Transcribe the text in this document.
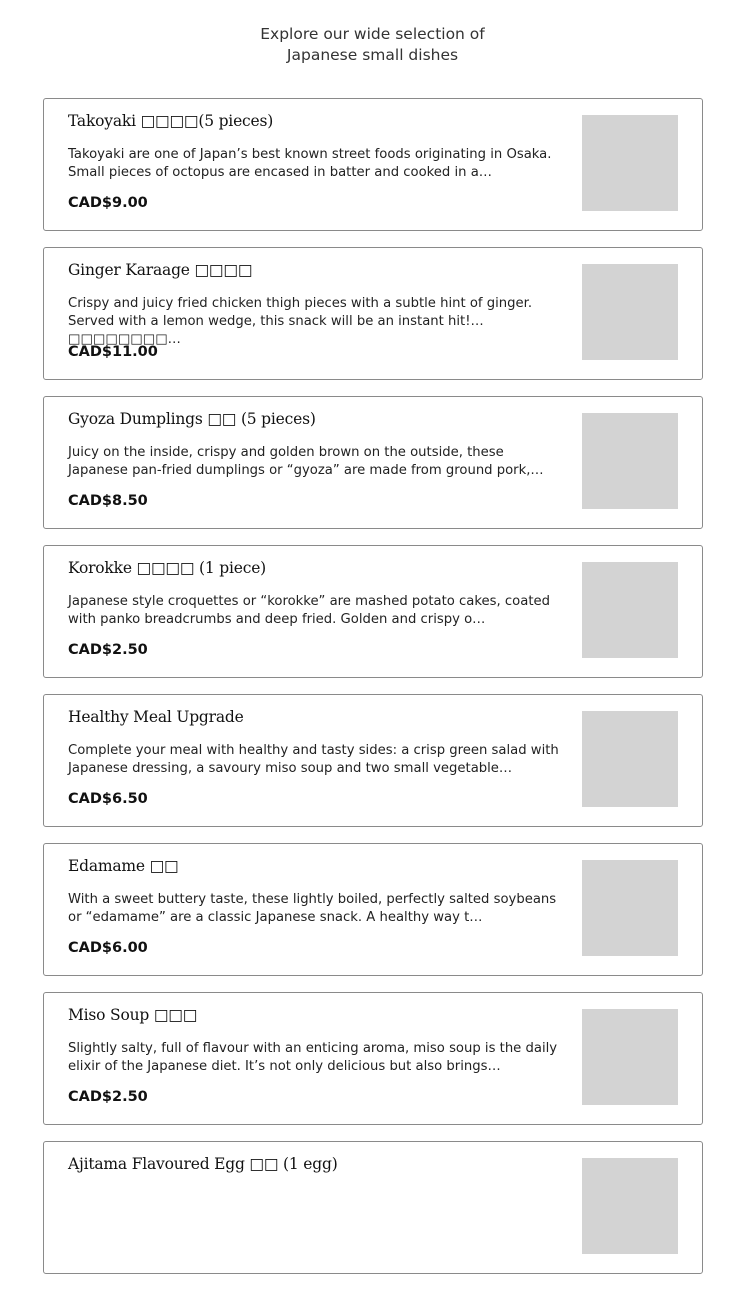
Explore our wide selection of
Japanese small dishes
Takoyaki □□□□(5 pieces)
Takoyaki are one of Japan’s best known street foods originating in Osaka. Small pieces of octopus are encased in batter and cooked in a…
CAD$9.00
Ginger Karaage □□□□
Crispy and juicy fried chicken thigh pieces with a subtle hint of ginger. Served with a lemon wedge, this snack will be an instant hit!□□□□□□□□…
CAD$11.00
Gyoza Dumplings □□ (5 pieces)
Juicy on the inside, crispy and golden brown on the outside, these Japanese pan-fried dumplings or “gyoza” are made from ground pork,…
CAD$8.50
Korokke □□□□ (1 piece)
Japanese style croquettes or “korokke” are mashed potato cakes, coated with panko breadcrumbs and deep fried. Golden and crispy o…
CAD$2.50
Healthy Meal Upgrade
Complete your meal with healthy and tasty sides: a crisp green salad with Japanese dressing, a savoury miso soup and two small vegetable…
CAD$6.50
Edamame □□
With a sweet buttery taste, these lightly boiled, perfectly salted soybeans or “edamame” are a classic Japanese snack. A healthy way t…
CAD$6.00
Miso Soup □□□
Slightly salty, full of flavour with an enticing aroma, miso soup is the daily elixir of the Japanese diet. It’s not only delicious but also brings…
CAD$2.50
Ajitama Flavoured Egg □□ (1 egg)
